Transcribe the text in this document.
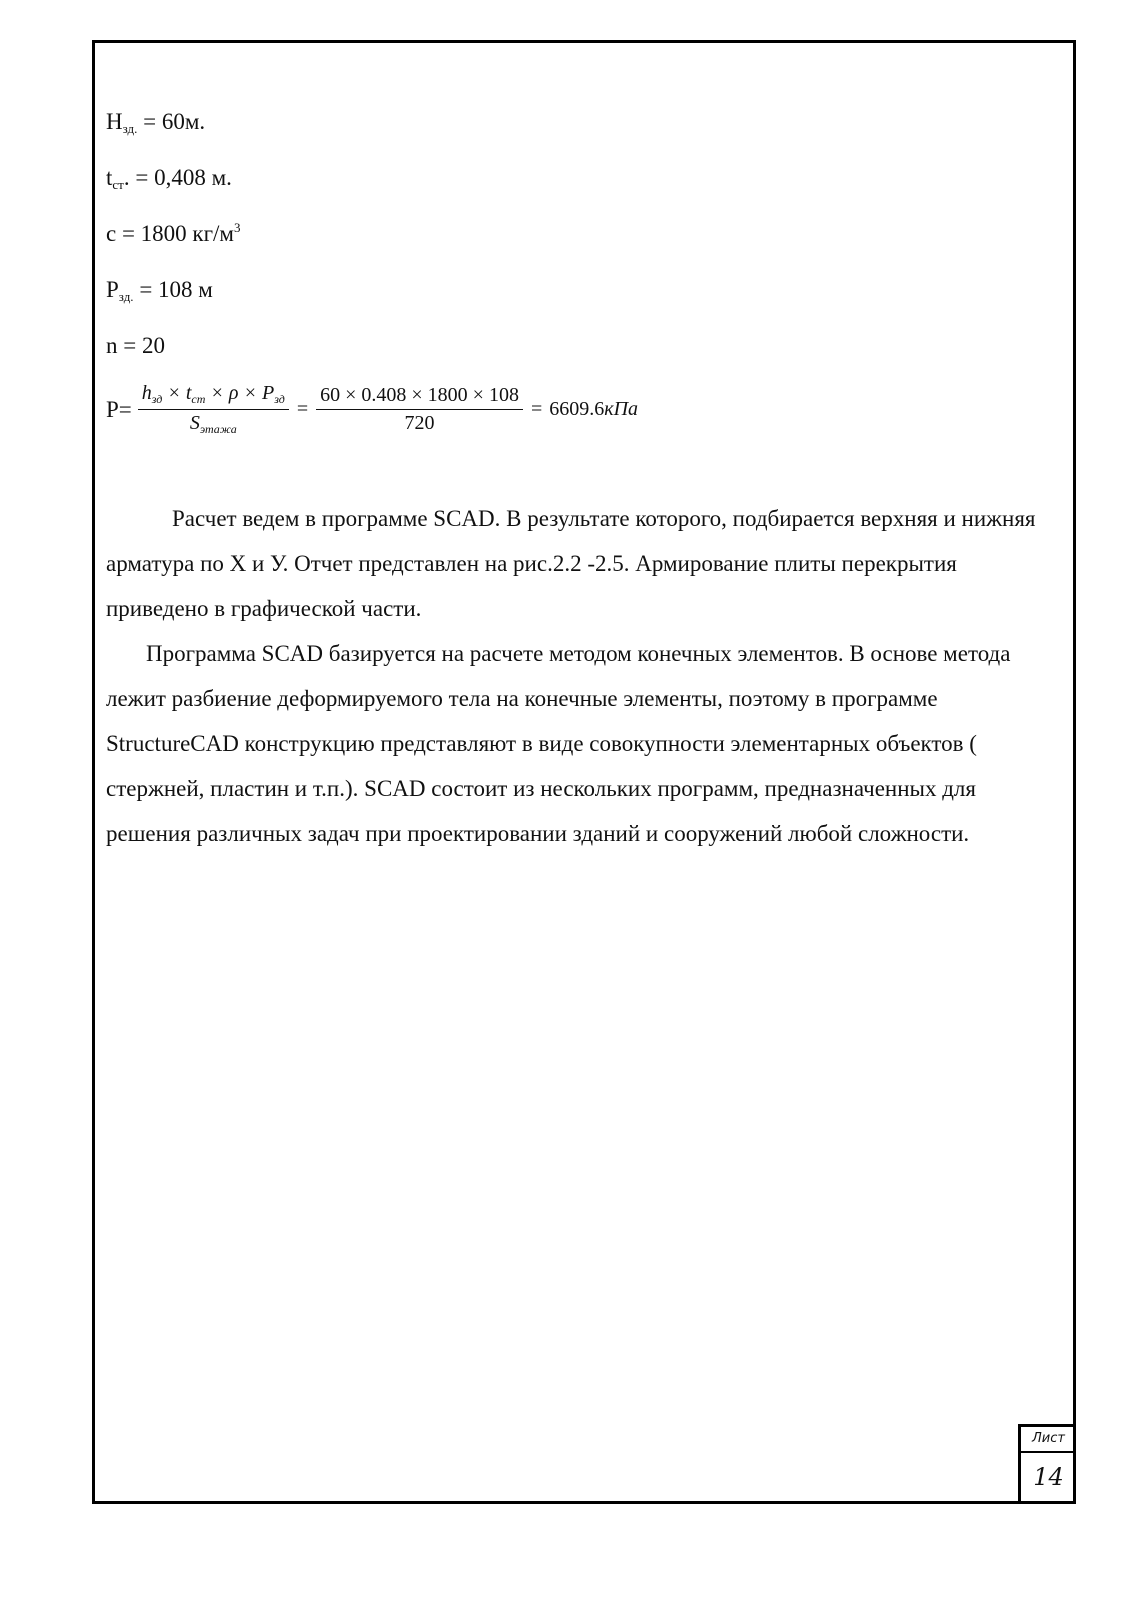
$H_{зд.} = 60м$.
$t_{ст}$. = 0,408 м.
с = 1800 $кг/м^3$
$P_{зд.} = 108$ м
n = 20
$P= \frac{h_{зд} \times t_{ст} \times \rho \times P_{зд}}{S_{этажа}} = \frac{60 \times 0.408 \times 1800 \times 108}{720} = 6609.6кПа$

Расчет ведем в программе SCAD. В результате которого, подбирается верхняя и нижняя арматура по Х и У. Отчет представлен на рис.2.2 -2.5. Армирование плиты перекрытия приведено в графической части.

Программа SCAD базируется на расчете методом конечных элементов. В основе метода лежит разбиение деформируемого тела на конечные элементы, поэтому в программе StructureCAD конструкцию представляют в виде совокупности элементарных объектов ( стержней, пластин и т.п.). SCAD состоит из нескольких программ, предназначенных для решения различных задач при проектировании зданий и сооружений любой сложности.

Лист
14
